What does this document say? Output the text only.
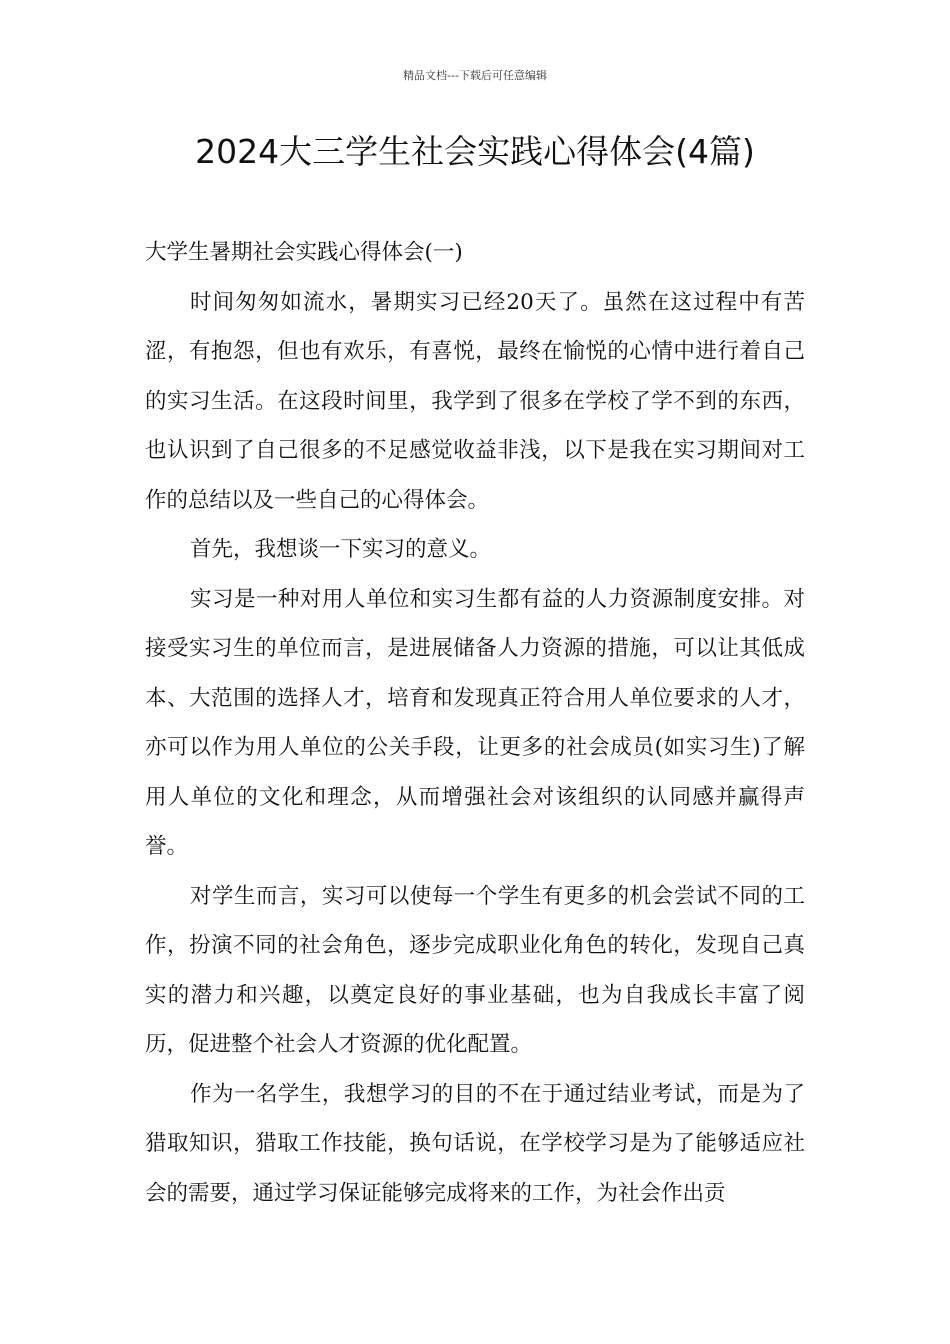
精品文档---下载后可任意编辑
2024大三学生社会实践心得体会(4篇)

大学生暑期社会实践心得体会(一)

时间匆匆如流水，暑期实习已经20天了。虽然在这过程中有苦涩，有抱怨，但也有欢乐，有喜悦，最终在愉悦的心情中进行着自己的实习生活。在这段时间里，我学到了很多在学校了学不到的东西，也认识到了自己很多的不足感觉收益非浅，以下是我在实习期间对工作的总结以及一些自己的心得体会。

首先，我想谈一下实习的意义。

实习是一种对用人单位和实习生都有益的人力资源制度安排。对接受实习生的单位而言，是进展储备人力资源的措施，可以让其低成本、大范围的选择人才，培育和发现真正符合用人单位要求的人才，亦可以作为用人单位的公关手段，让更多的社会成员(如实习生)了解用人单位的文化和理念，从而增强社会对该组织的认同感并赢得声誉。

对学生而言，实习可以使每一个学生有更多的机会尝试不同的工作，扮演不同的社会角色，逐步完成职业化角色的转化，发现自己真实的潜力和兴趣，以奠定良好的事业基础，也为自我成长丰富了阅历，促进整个社会人才资源的优化配置。

作为一名学生，我想学习的目的不在于通过结业考试，而是为了猎取知识，猎取工作技能，换句话说，在学校学习是为了能够适应社会的需要，通过学习保证能够完成将来的工作，为社会作出贡
